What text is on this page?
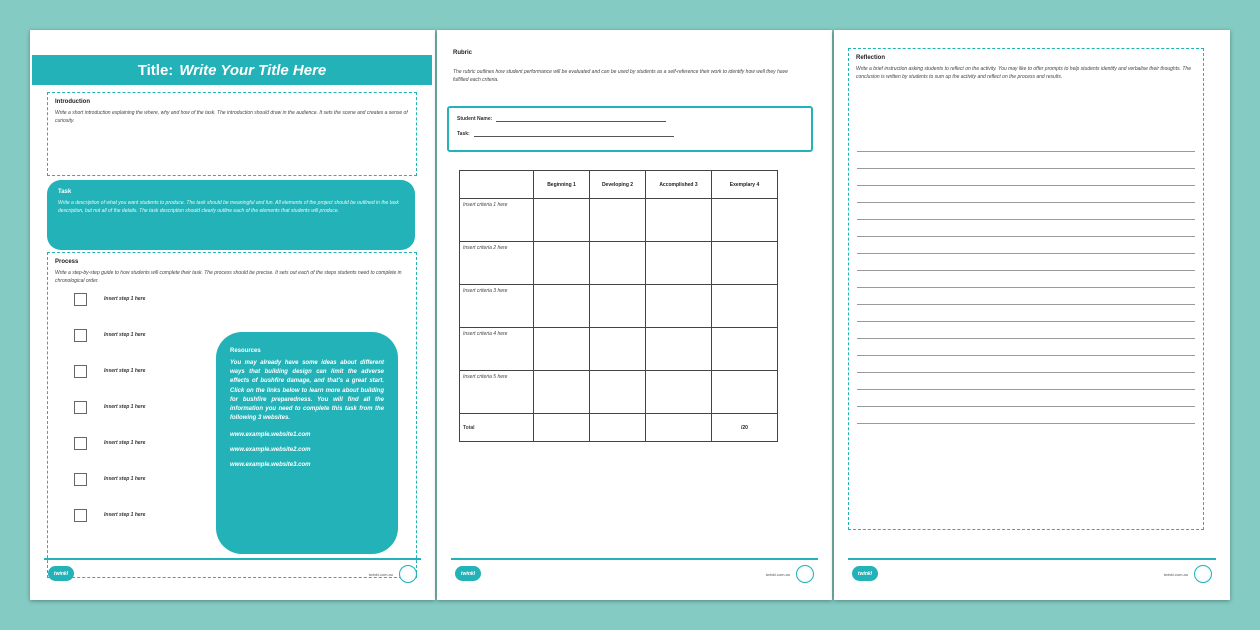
Title: Write Your Title Here
Introduction
Write a short introduction explaining the where, why and how of the task. The introduction should draw in the audience. It sets the scene and creates a sense of curiosity.
Task
Write a description of what you want students to produce. The task should be meaningful and fun. All elements of the project should be outlined in the task description, but not all of the details. The task description should clearly outline each of the elements that students will produce.
Process
Write a step-by-step guide to how students will complete their task. The process should be precise. It sets out each of the steps students need to complete in chronological order.
Insert step 1 here
Insert step 1 here
Insert step 1 here
Insert step 1 here
Insert step 1 here
Insert step 1 here
Insert step 1 here
Resources
You may already have some ideas about different ways that building design can limit the adverse effects of bushfire damage, and that's a great start. Click on the links below to learn more about building for bushfire preparedness. You will find all the information you need to complete this task from the following 3 websites.
www.example.website1.com
www.example.website2.com
www.example.website3.com
twinkl	twinkl.com.au
Rubric
The rubric outlines how student performance will be evaluated and can be used by students as a self-reference their work to identify how well they have fulfilled each criteria.
Student Name:
Task:
	Beginning 1	Developing 2	Accomplished 3	Exemplary 4
Insert criteria 1 here				
Insert criteria 2 here				
Insert criteria 3 here				
Insert criteria 4 here				
Insert criteria 5 here				
Total				/20
twinkl	twinkl.com.au
Reflection
Write a brief instruction asking students to reflect on the activity. You may like to offer prompts to help students identify and verbalise their thoughts. The conclusion is written by students to sum up the activity and reflect on the process and results.
twinkl	twinkl.com.au
